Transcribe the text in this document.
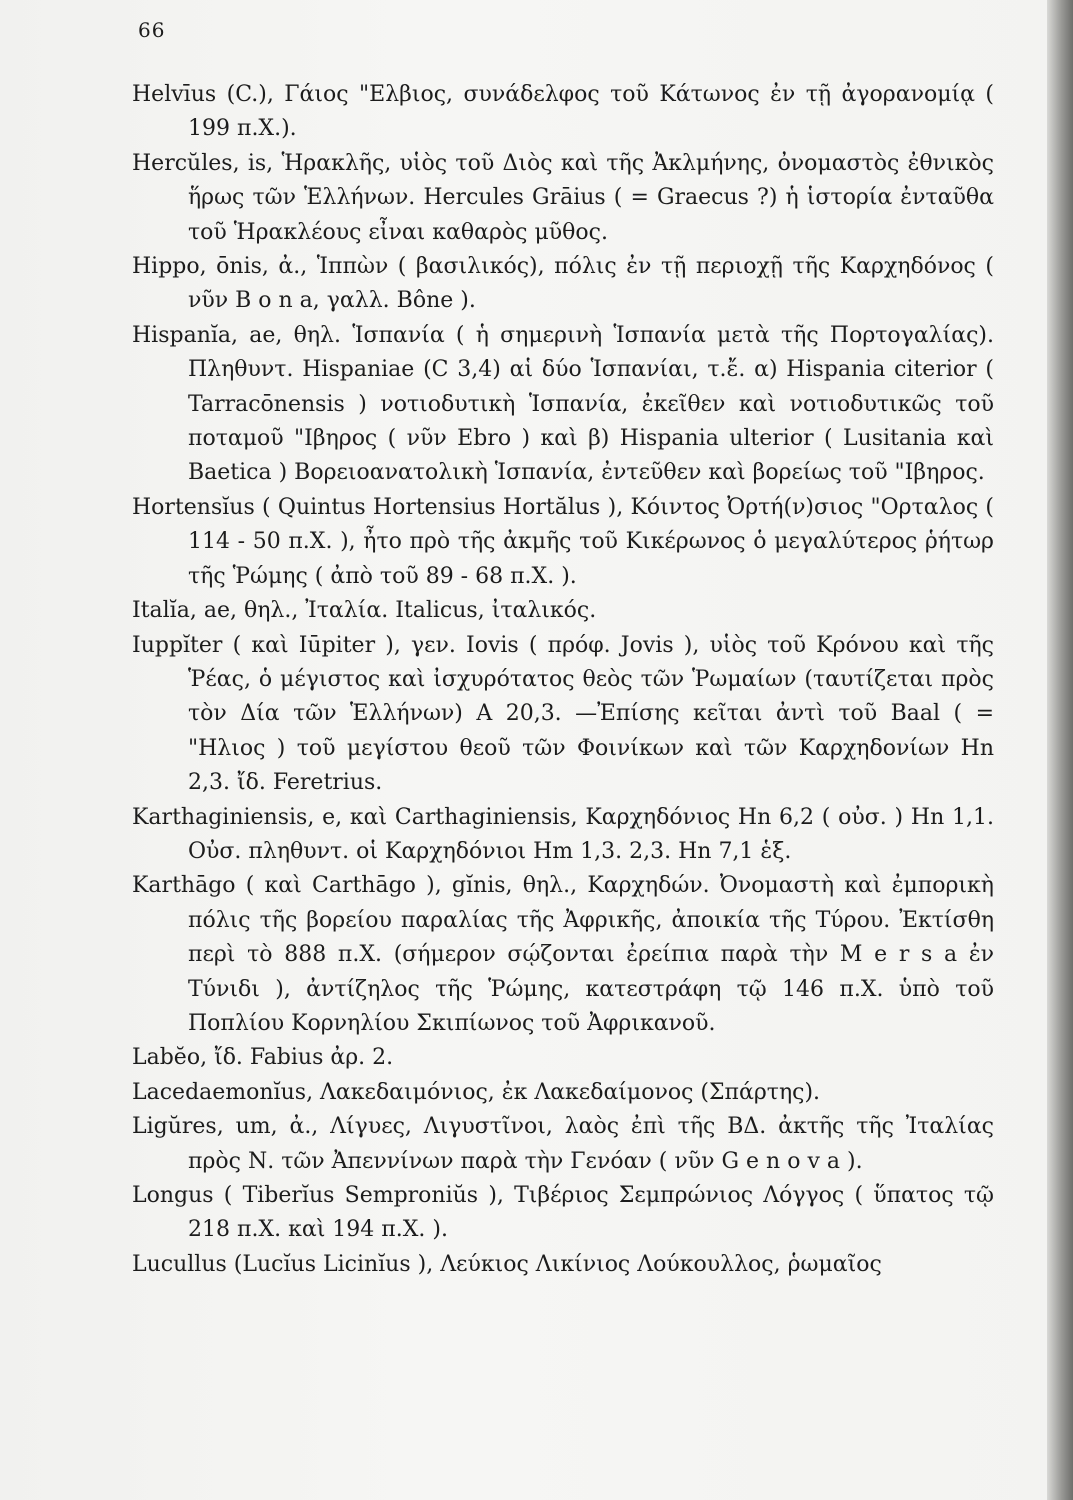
66

Helvīus (C.), Γάιος "Ελβιος, συνάδελφος τοῦ Κάτωνος ἐν τῇ ἀγορανομίᾳ ( 199 π.Χ.).

Hercŭles, is, Ἡρακλῆς, υἱὸς τοῦ Διὸς καὶ τῆς Ἀκλμήνης, ὀνομαστὸς ἐθνικὸς ἥρως τῶν Ἑλλήνων. Hercules Grāius ( = Graecus ?) ἡ ἱστορία ἐνταῦθα τοῦ Ἡρακλέους εἶναι καθαρὸς μῦθος.

Hippo, ōnis, ἀ., Ἱππὼν ( βασιλικός), πόλις ἐν τῇ περιοχῇ τῆς Καρχηδόνος ( νῦν B o n a, γαλλ. Bône ).

Hispanĭa, ae, θηλ. Ἱσπανία ( ἡ σημερινὴ Ἱσπανία μετὰ τῆς Πορτογαλίας). Πληθυντ. Hispaniae (C 3,4) αἱ δύο Ἱσπανίαι, τ.ἔ. α) Hispania citerior ( Tarracōnensis ) νοτιοδυτικὴ Ἱσπανία, ἐκεῖθεν καὶ νοτιοδυτικῶς τοῦ ποταμοῦ "Ιβηρος ( νῦν Ebro ) καὶ β) Hispania ulterior ( Lusitania καὶ Baetica ) Βορειοανατολικὴ Ἱσπανία, ἐντεῦθεν καὶ βορείως τοῦ "Ιβηρος.

Hortensĭus ( Quintus Hortensius Hortălus ), Κόιντος Ὀρτή(ν)σιος "Ορταλος ( 114 - 50 π.Χ. ), ἦτο πρὸ τῆς ἀκμῆς τοῦ Κικέρωνος ὁ μεγαλύτερος ῥήτωρ τῆς Ῥώμης ( ἀπὸ τοῦ 89 - 68 π.Χ. ).

Italĭa, ae, θηλ., Ἰταλία. Italicus, ἰταλικός.

Iuppĭter ( καὶ Iūpiter ), γεν. Iovis ( πρόφ. Jovis ), υἱὸς τοῦ Κρόνου καὶ τῆς Ῥέας, ὁ μέγιστος καὶ ἰσχυρότατος θεὸς τῶν Ῥωμαίων (ταυτίζεται πρὸς τὸν Δία τῶν Ἑλλήνων) A 20,3. —Ἐπίσης κεῖται ἀντὶ τοῦ Baal ( = "Ηλιος ) τοῦ μεγίστου θεοῦ τῶν Φοινίκων καὶ τῶν Καρχηδονίων Hn 2,3. ἴδ. Feretrius.

Karthaginiensis, e, καὶ Carthaginiensis, Καρχηδόνιος Hn 6,2 ( οὐσ. ) Hn 1,1. Οὐσ. πληθυντ. οἱ Καρχηδόνιοι Hm 1,3. 2,3. Hn 7,1 ἑξ.

Karthāgo ( καὶ Carthāgo ), gĭnis, θηλ., Καρχηδών. Ὀνομαστὴ καὶ ἐμπορικὴ πόλις τῆς βορείου παραλίας τῆς Ἀφρικῆς, ἀποικία τῆς Τύρου. Ἐκτίσθη περὶ τὸ 888 π.Χ. (σήμερον σῴζονται ἐρείπια παρὰ τὴν M e r s a ἐν Τύνιδι ), ἀντίζηλος τῆς Ῥώμης, κατεστράφη τῷ 146 π.Χ. ὑπὸ τοῦ Ποπλίου Κορνηλίου Σκιπίωνος τοῦ Ἀφρικανοῦ.

Labĕo, ἴδ. Fabius ἀρ. 2.

Lacedaemonĭus, Λακεδαιμόνιος, ἐκ Λακεδαίμονος (Σπάρτης).

Ligŭres, um, ἀ., Λίγυες, Λιγυστῖνοι, λαὸς ἐπὶ τῆς ΒΔ. ἀκτῆς τῆς Ἰταλίας πρὸς Ν. τῶν Ἀπεννίνων παρὰ τὴν Γενόαν ( νῦν G e n o v a ).

Longus ( Tiberĭus Semproniŭs ), Τιβέριος Σεμπρώνιος Λόγγος ( ὕπατος τῷ 218 π.Χ. καὶ 194 π.Χ. ).

Lucullus (Lucĭus Licinĭus ), Λεύκιος Λικίνιος Λούκουλλος, ῥωμαῖος
